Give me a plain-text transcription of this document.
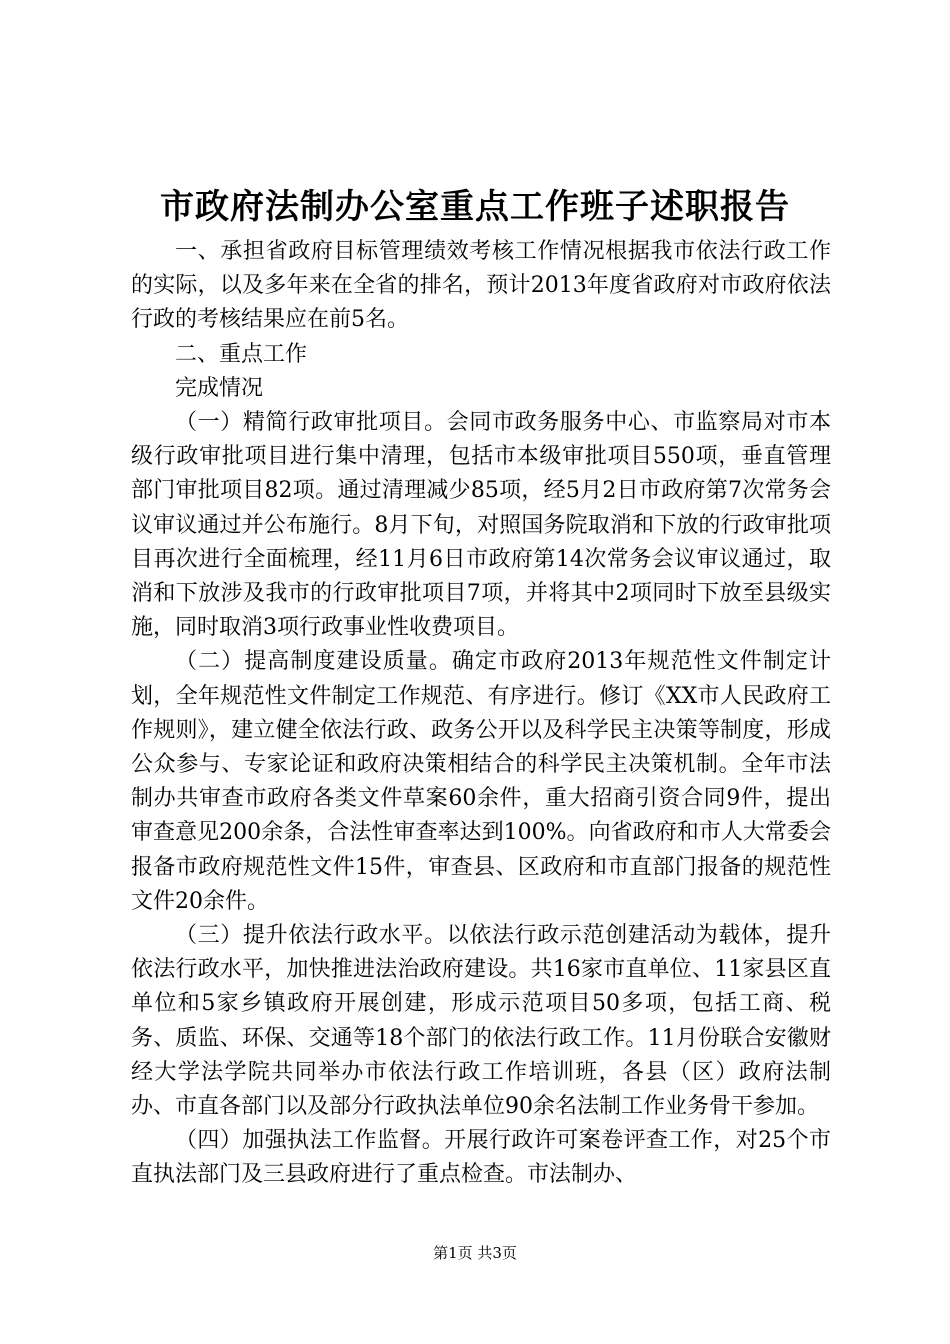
市政府法制办公室重点工作班子述职报告

一、承担省政府目标管理绩效考核工作情况根据我市依法行政工作的实际，以及多年来在全省的排名，预计2013年度省政府对市政府依法行政的考核结果应在前5名。

二、重点工作

完成情况

（一）精简行政审批项目。会同市政务服务中心、市监察局对市本级行政审批项目进行集中清理，包括市本级审批项目550项，垂直管理部门审批项目82项。通过清理减少85项，经5月2日市政府第7次常务会议审议通过并公布施行。8月下旬，对照国务院取消和下放的行政审批项目再次进行全面梳理，经11月6日市政府第14次常务会议审议通过，取消和下放涉及我市的行政审批项目7项，并将其中2项同时下放至县级实施，同时取消3项行政事业性收费项目。

（二）提高制度建设质量。确定市政府2013年规范性文件制定计划，全年规范性文件制定工作规范、有序进行。修订《XX市人民政府工作规则》，建立健全依法行政、政务公开以及科学民主决策等制度，形成公众参与、专家论证和政府决策相结合的科学民主决策机制。全年市法制办共审查市政府各类文件草案60余件，重大招商引资合同9件，提出审查意见200余条，合法性审查率达到100%。向省政府和市人大常委会报备市政府规范性文件15件，审查县、区政府和市直部门报备的规范性文件20余件。

（三）提升依法行政水平。以依法行政示范创建活动为载体，提升依法行政水平，加快推进法治政府建设。共16家市直单位、11家县区直单位和5家乡镇政府开展创建，形成示范项目50多项，包括工商、税务、质监、环保、交通等18个部门的依法行政工作。11月份联合安徽财经大学法学院共同举办市依法行政工作培训班，各县（区）政府法制办、市直各部门以及部分行政执法单位90余名法制工作业务骨干参加。

（四）加强执法工作监督。开展行政许可案卷评查工作，对25个市直执法部门及三县政府进行了重点检查。市法制办、

第1页 共3页
